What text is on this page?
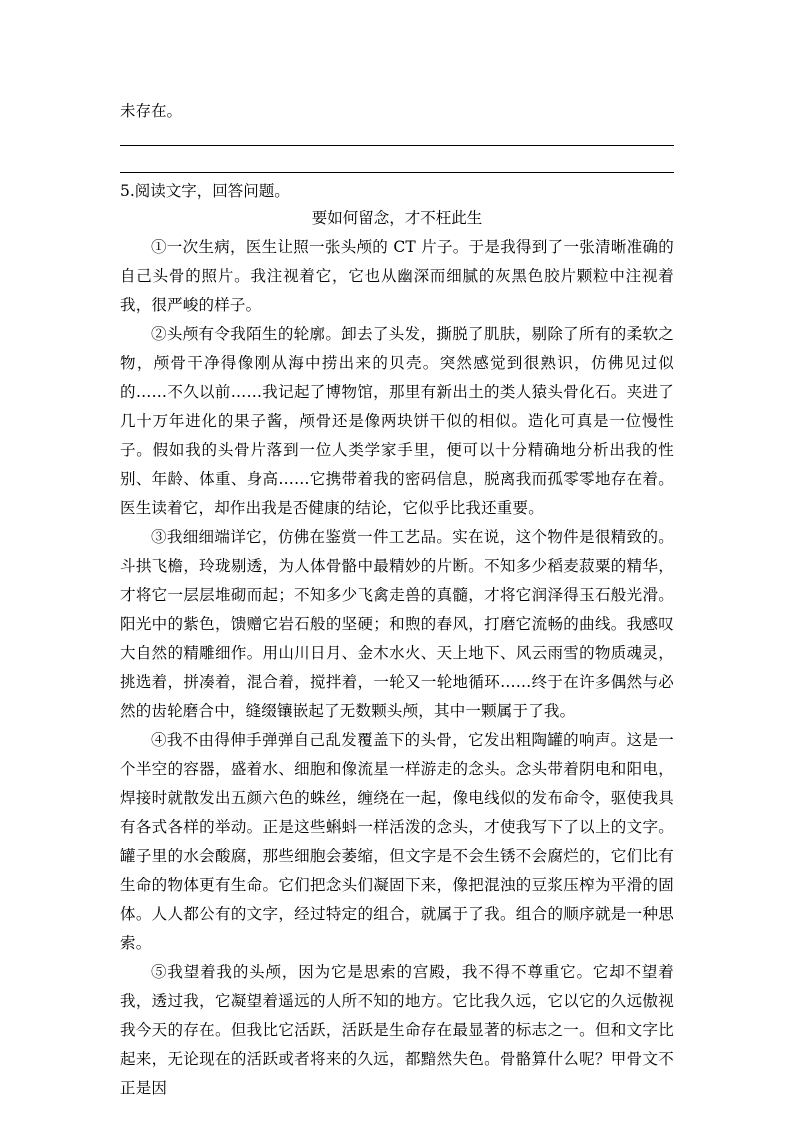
未存在。

5.阅读文字，回答问题。

要如何留念，才不枉此生

①一次生病，医生让照一张头颅的 CT 片子。于是我得到了一张清晰准确的自己头骨的照片。我注视着它，它也从幽深而细腻的灰黑色胶片颗粒中注视着我，很严峻的样子。

②头颅有令我陌生的轮廓。卸去了头发，撕脱了肌肤，剔除了所有的柔软之物，颅骨干净得像刚从海中捞出来的贝壳。突然感觉到很熟识，仿佛见过似的……不久以前……我记起了博物馆，那里有新出土的类人猿头骨化石。夹进了几十万年进化的果子酱，颅骨还是像两块饼干似的相似。造化可真是一位慢性子。假如我的头骨片落到一位人类学家手里，便可以十分精确地分析出我的性别、年龄、体重、身高……它携带着我的密码信息，脱离我而孤零零地存在着。医生读着它，却作出我是否健康的结论，它似乎比我还重要。

③我细细端详它，仿佛在鉴赏一件工艺品。实在说，这个物件是很精致的。斗拱飞檐，玲珑剔透，为人体骨骼中最精妙的片断。不知多少稻麦菽粟的精华，才将它一层层堆砌而起；不知多少飞禽走兽的真髓，才将它润泽得玉石般光滑。阳光中的紫色，馈赠它岩石般的坚硬；和煦的春风，打磨它流畅的曲线。我感叹大自然的精雕细作。用山川日月、金木水火、天上地下、风云雨雪的物质魂灵，挑选着，拼凑着，混合着，搅拌着，一轮又一轮地循环……终于在许多偶然与必然的齿轮磨合中，缝缀镶嵌起了无数颗头颅，其中一颗属于了我。

④我不由得伸手弹弹自己乱发覆盖下的头骨，它发出粗陶罐的响声。这是一个半空的容器，盛着水、细胞和像流星一样游走的念头。念头带着阴电和阳电，焊接时就散发出五颜六色的蛛丝，缠绕在一起，像电线似的发布命令，驱使我具有各式各样的举动。正是这些蝌蚪一样活泼的念头，才使我写下了以上的文字。罐子里的水会酸腐，那些细胞会萎缩，但文字是不会生锈不会腐烂的，它们比有生命的物体更有生命。它们把念头们凝固下来，像把混浊的豆浆压榨为平滑的固体。人人都公有的文字，经过特定的组合，就属于了我。组合的顺序就是一种思索。

⑤我望着我的头颅，因为它是思索的宫殿，我不得不尊重它。它却不望着我，透过我，它凝望着遥远的人所不知的地方。它比我久远，它以它的久远傲视我今天的存在。但我比它活跃，活跃是生命存在最显著的标志之一。但和文字比起来，无论现在的活跃或者将来的久远，都黯然失色。骨骼算什么呢？甲骨文不正是因
